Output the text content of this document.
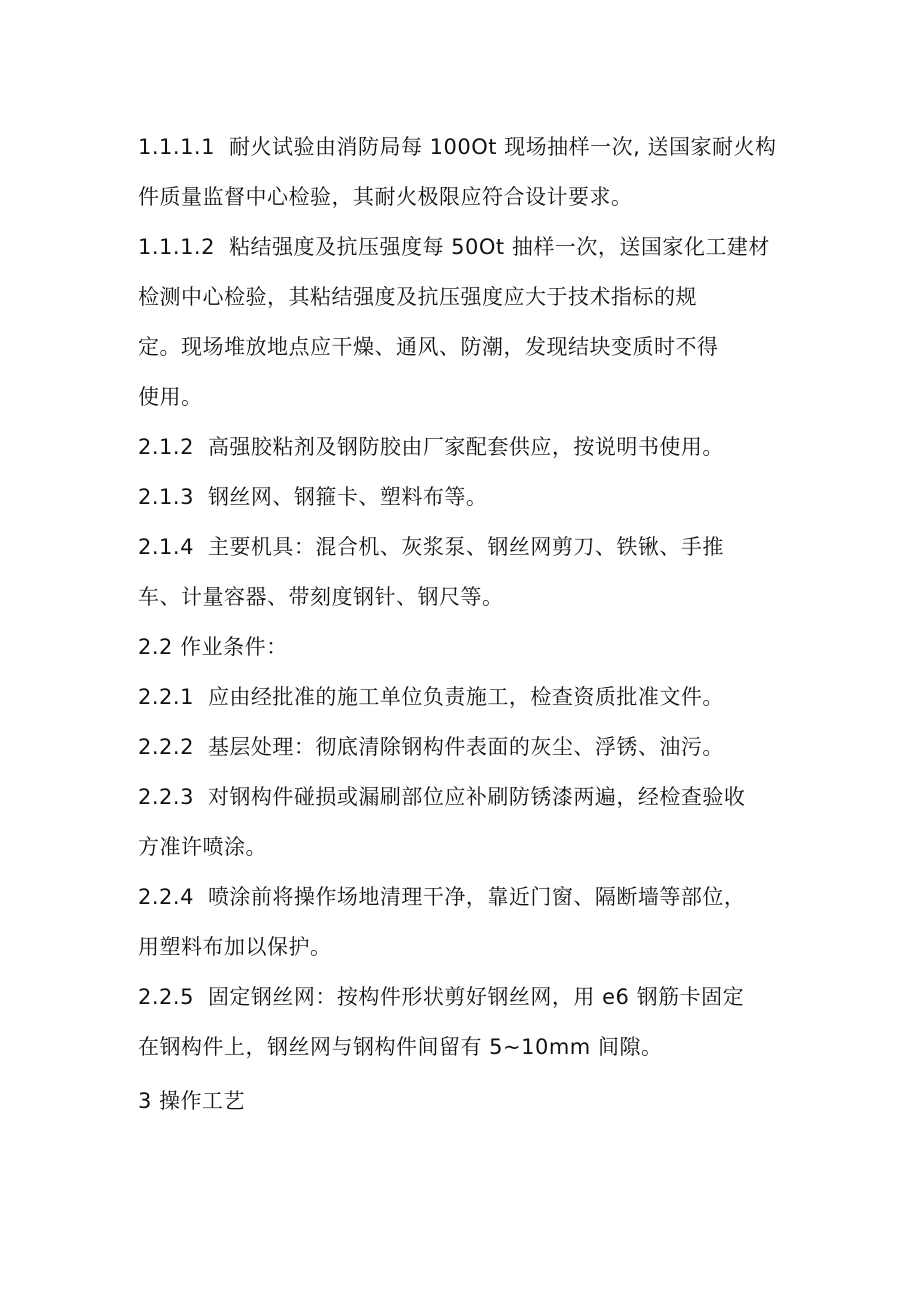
1.1.1.1 耐火试验由消防局每 100Ot 现场抽样一次, 送国家耐火构
件质量监督中心检验，其耐火极限应符合设计要求。
1.1.1.2 粘结强度及抗压强度每 50Ot 抽样一次，送国家化工建材
检测中心检验，其粘结强度及抗压强度应大于技术指标的规
定。现场堆放地点应干燥、通风、防潮，发现结块变质时不得
使用。
2.1.2 高强胶粘剂及钢防胶由厂家配套供应，按说明书使用。
2.1.3 钢丝网、钢箍卡、塑料布等。
2.1.4 主要机具：混合机、灰浆泵、钢丝网剪刀、铁锹、手推
车、计量容器、带刻度钢针、钢尺等。
2.2 作业条件：
2.2.1 应由经批准的施工单位负责施工，检查资质批准文件。
2.2.2 基层处理：彻底清除钢构件表面的灰尘、浮锈、油污。
2.2.3 对钢构件碰损或漏刷部位应补刷防锈漆两遍，经检查验收
方准许喷涂。
2.2.4 喷涂前将操作场地清理干净，靠近门窗、隔断墙等部位，
用塑料布加以保护。
2.2.5 固定钢丝网：按构件形状剪好钢丝网，用 e6 钢筋卡固定
在钢构件上，钢丝网与钢构件间留有 5~10mm 间隙。
3 操作工艺
